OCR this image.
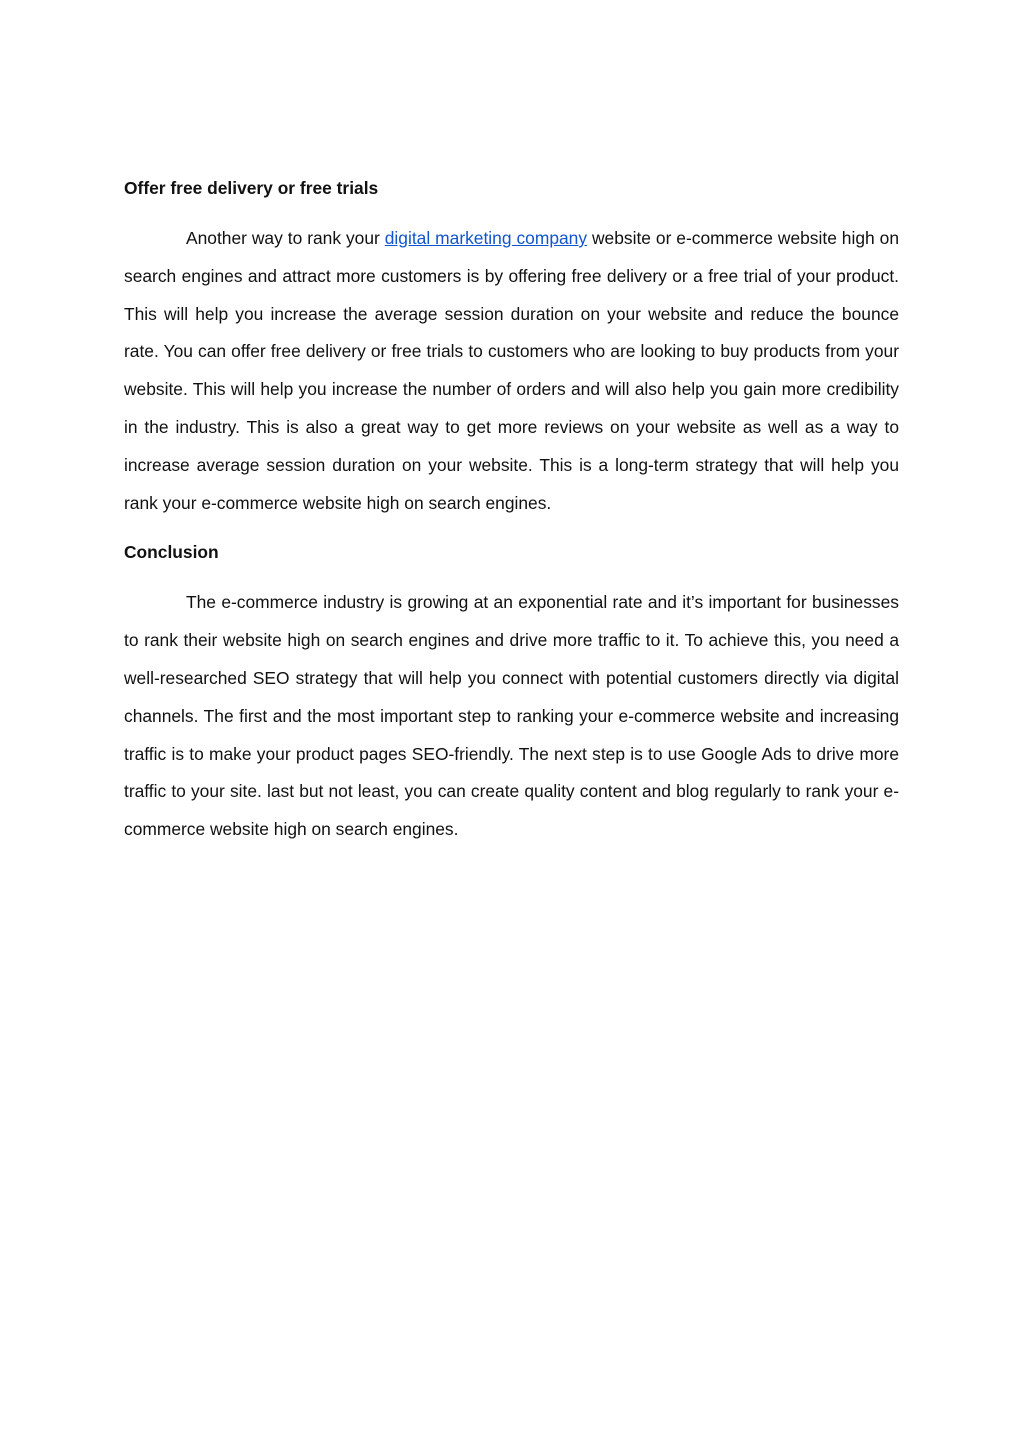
Offer free delivery or free trials

Another way to rank your digital marketing company website or e-commerce website high on search engines and attract more customers is by offering free delivery or a free trial of your product. This will help you increase the average session duration on your website and reduce the bounce rate. You can offer free delivery or free trials to customers who are looking to buy products from your website. This will help you increase the number of orders and will also help you gain more credibility in the industry. This is also a great way to get more reviews on your website as well as a way to increase average session duration on your website. This is a long-term strategy that will help you rank your e-commerce website high on search engines.

Conclusion

The e-commerce industry is growing at an exponential rate and it’s important for businesses to rank their website high on search engines and drive more traffic to it. To achieve this, you need a well-researched SEO strategy that will help you connect with potential customers directly via digital channels. The first and the most important step to ranking your e-commerce website and increasing traffic is to make your product pages SEO-friendly. The next step is to use Google Ads to drive more traffic to your site. last but not least, you can create quality content and blog regularly to rank your e-commerce website high on search engines.
